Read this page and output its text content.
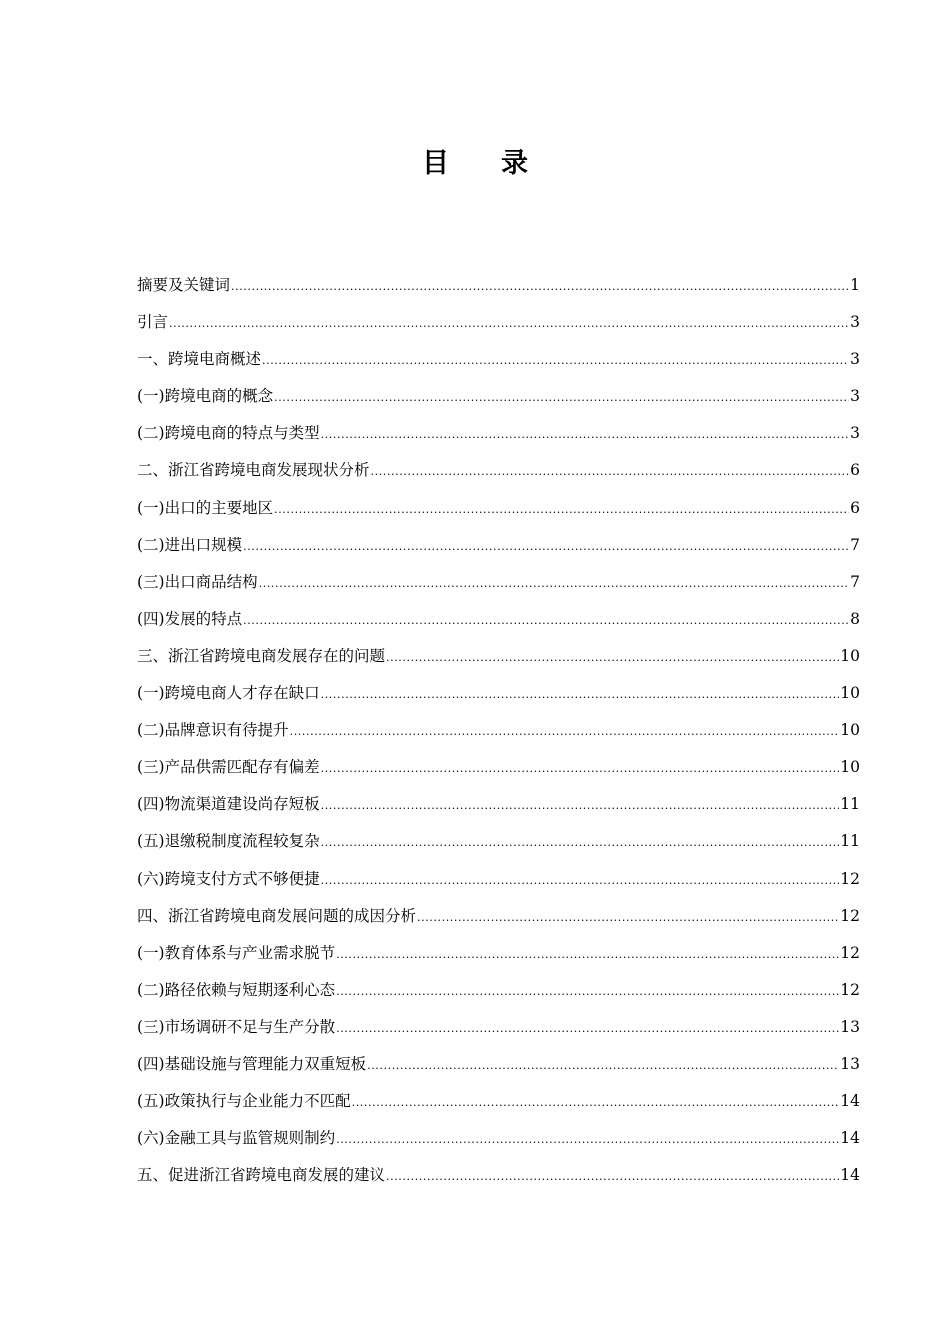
目录
摘要及关键词 .....	1
引言 .....	3
一、跨境电商概述 .....	3
(一)跨境电商的概念 .....	3
(二)跨境电商的特点与类型 .....	3
二、浙江省跨境电商发展现状分析 .....	6
(一)出口的主要地区 .....	6
(二)进出口规模 .....	7
(三)出口商品结构 .....	7
(四)发展的特点 .....	8
三、浙江省跨境电商发展存在的问题 .....	10
(一)跨境电商人才存在缺口 .....	10
(二)品牌意识有待提升 .....	10
(三)产品供需匹配存有偏差 .....	10
(四)物流渠道建设尚存短板 .....	11
(五)退缴税制度流程较复杂 .....	11
(六)跨境支付方式不够便捷 .....	12
四、浙江省跨境电商发展问题的成因分析 .....	12
(一)教育体系与产业需求脱节 .....	12
(二)路径依赖与短期逐利心态 .....	12
(三)市场调研不足与生产分散 .....	13
(四)基础设施与管理能力双重短板 .....	13
(五)政策执行与企业能力不匹配 .....	14
(六)金融工具与监管规则制约 .....	14
五、促进浙江省跨境电商发展的建议 .....	14
